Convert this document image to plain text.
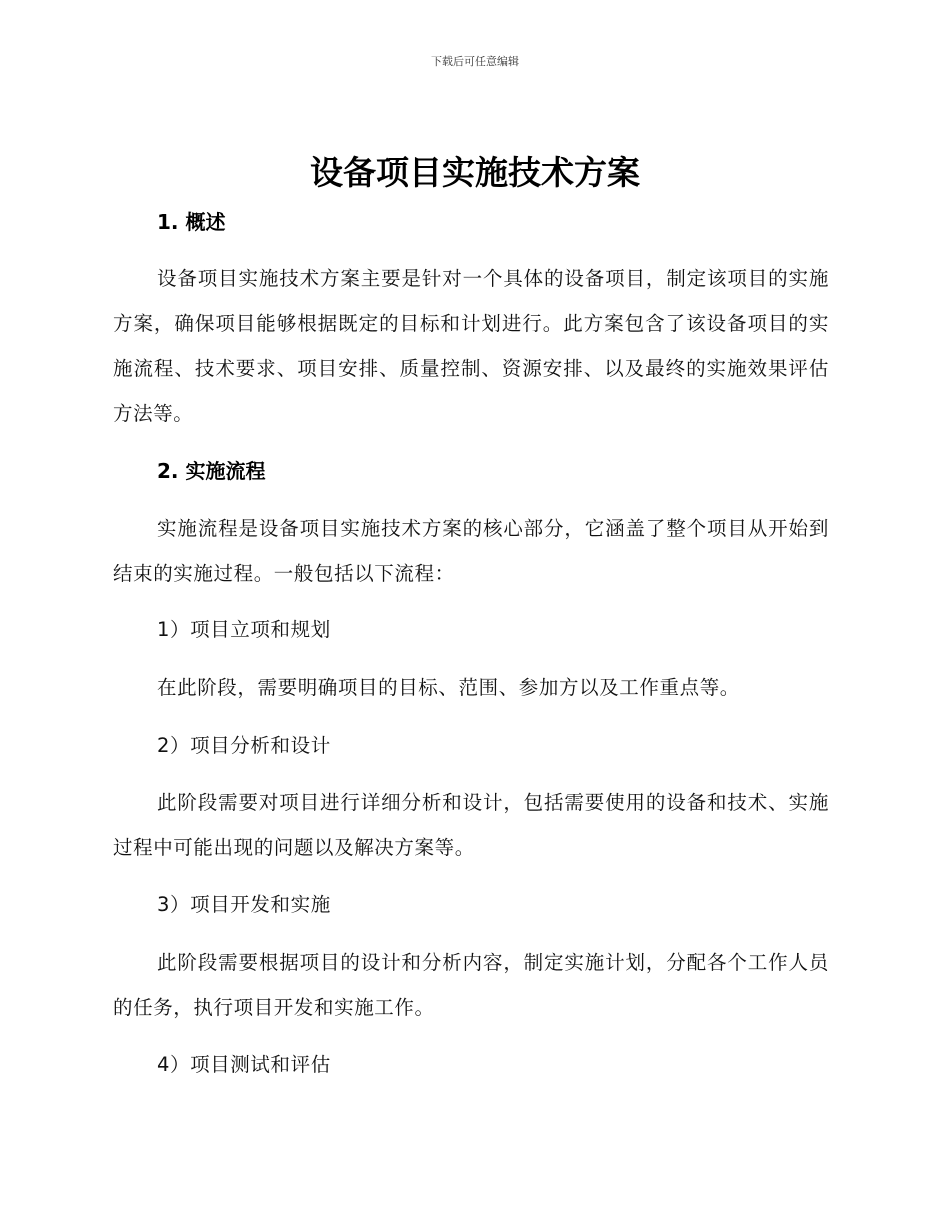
下载后可任意编辑
设备项目实施技术方案
1. 概述

设备项目实施技术方案主要是针对一个具体的设备项目，制定该项目的实施方案，确保项目能够根据既定的目标和计划进行。此方案包含了该设备项目的实施流程、技术要求、项目安排、质量控制、资源安排、以及最终的实施效果评估方法等。

2. 实施流程

实施流程是设备项目实施技术方案的核心部分，它涵盖了整个项目从开始到结束的实施过程。一般包括以下流程：

1）项目立项和规划

在此阶段，需要明确项目的目标、范围、参加方以及工作重点等。

2）项目分析和设计

此阶段需要对项目进行详细分析和设计，包括需要使用的设备和技术、实施过程中可能出现的问题以及解决方案等。

3）项目开发和实施

此阶段需要根据项目的设计和分析内容，制定实施计划，分配各个工作人员的任务，执行项目开发和实施工作。

4）项目测试和评估
